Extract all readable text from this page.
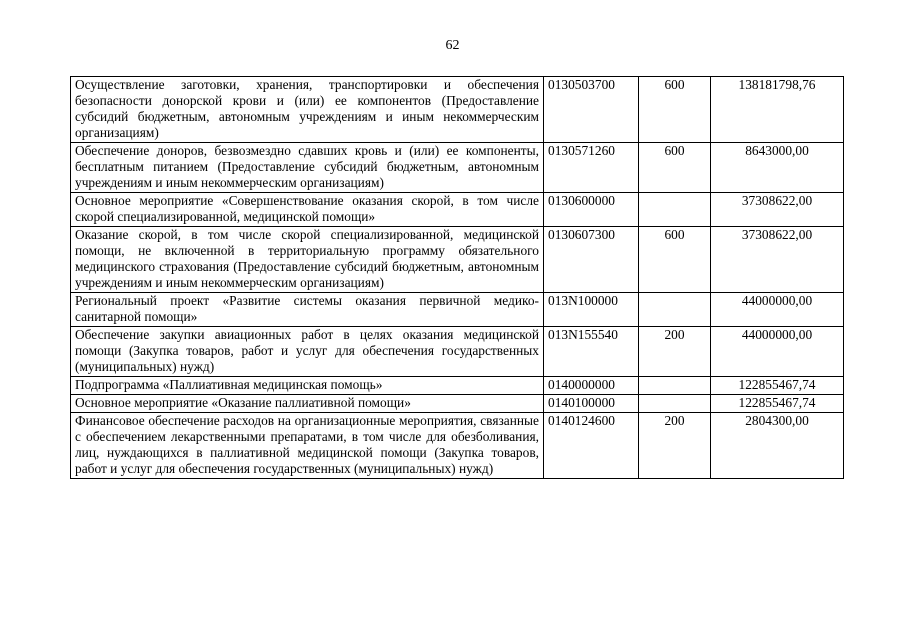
62
Осуществление заготовки, хранения, транспортировки и обеспечения безопасности донорской крови и (или) ее компонентов (Предоставление субсидий бюджетным, автономным учреждениям и иным некоммерческим организациям)	0130503700	600	138181798,76
Обеспечение доноров, безвозмездно сдавших кровь и (или) ее компоненты, бесплатным питанием (Предоставление субсидий бюджетным, автономным учреждениям и иным некоммерческим организациям)	0130571260	600	8643000,00
Основное мероприятие «Совершенствование оказания скорой, в том числе скорой специализированной, медицинской помощи»	0130600000		37308622,00
Оказание скорой, в том числе скорой специализированной, медицинской помощи, не включенной в территориальную программу обязательного медицинского страхования (Предоставление субсидий бюджетным, автономным учреждениям и иным некоммерческим организациям)	0130607300	600	37308622,00
Региональный проект «Развитие системы оказания первичной медико-санитарной помощи»	013N100000		44000000,00
Обеспечение закупки авиационных работ в целях оказания медицинской помощи (Закупка товаров, работ и услуг для обеспечения государственных (муниципальных) нужд)	013N155540	200	44000000,00
Подпрограмма «Паллиативная медицинская помощь»	0140000000		122855467,74
Основное мероприятие «Оказание паллиативной помощи»	0140100000		122855467,74
Финансовое обеспечение расходов на организационные мероприятия, связанные с обеспечением лекарственными препаратами, в том числе для обезболивания, лиц, нуждающихся в паллиативной медицинской помощи (Закупка товаров, работ и услуг для обеспечения государственных (муниципальных) нужд)	0140124600	200	2804300,00
